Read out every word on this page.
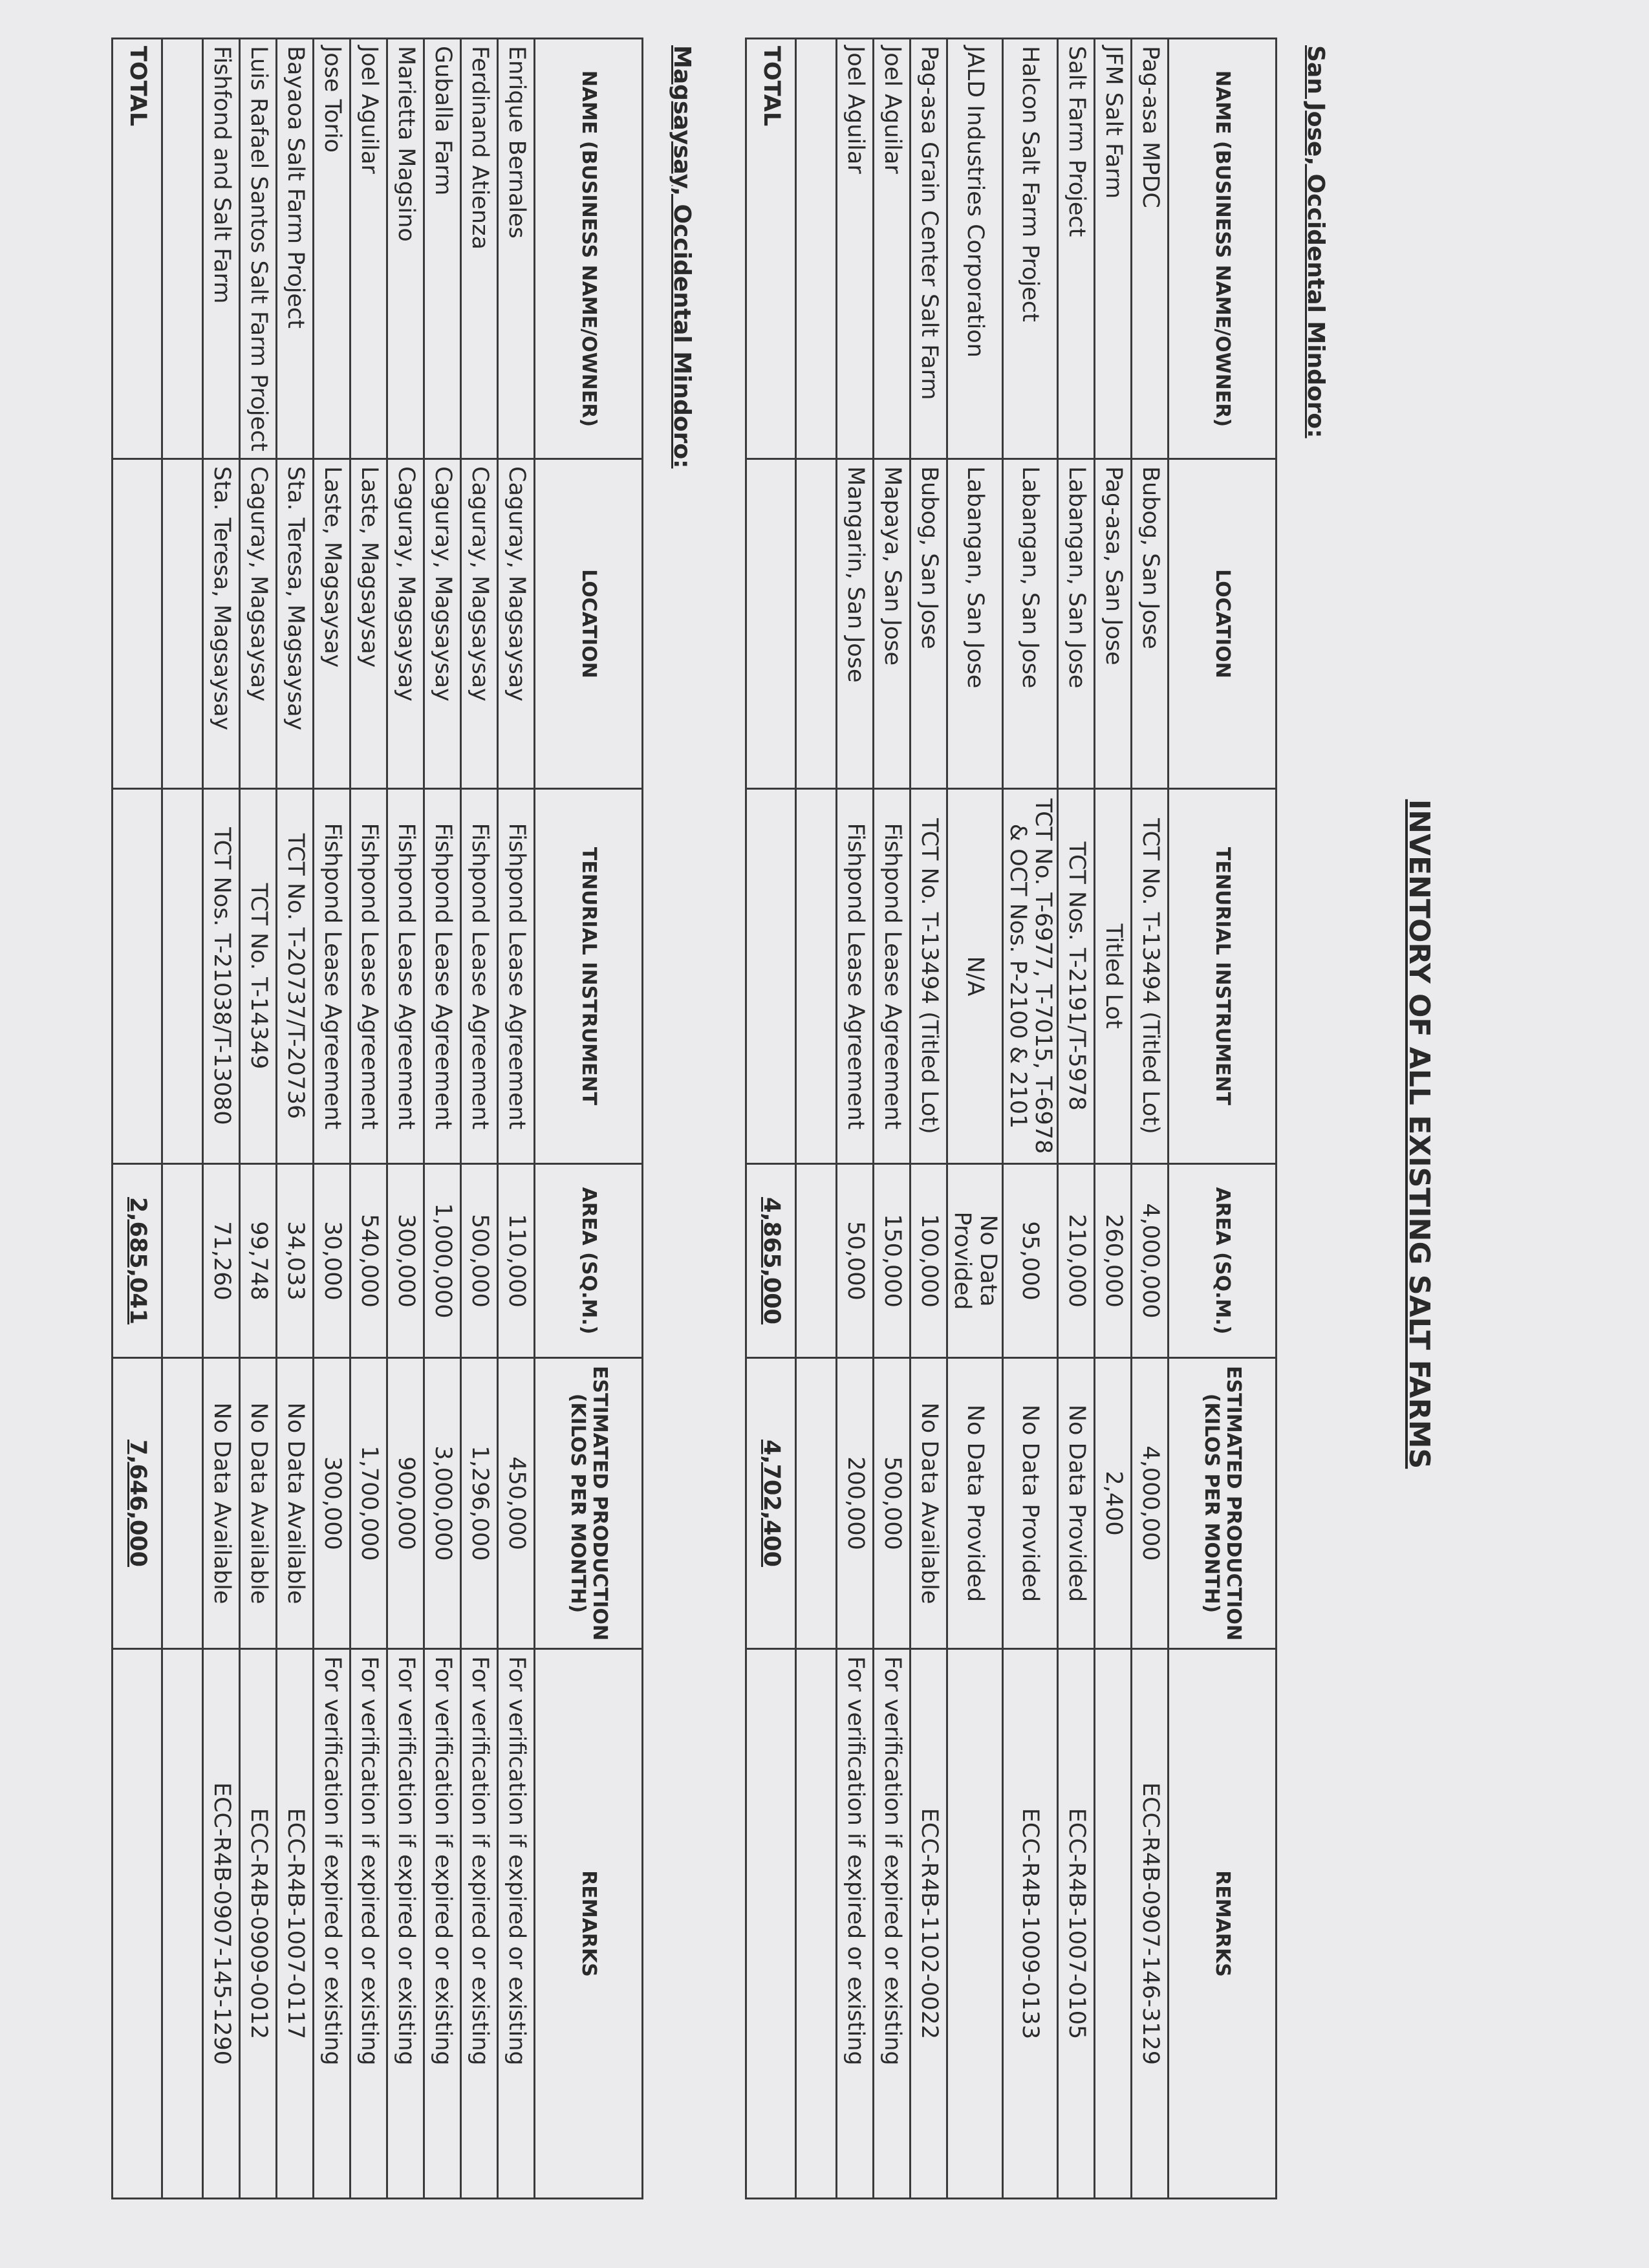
INVENTORY OF ALL EXISTING SALT FARMS
San Jose, Occidental Mindoro:
NAME (BUSINESS NAME/OWNER)	LOCATION	TENURIAL INSTRUMENT	AREA (SQ.M.)	ESTIMATED PRODUCTION (KILOS PER MONTH)	REMARKS
Pag-asa MPDC	Bubog, San Jose	TCT No. T-13494 (Titled Lot)	4,000,000	4,000,000	ECC-R4B-0907-146-3129
JFM Salt Farm	Pag-asa, San Jose	Titled Lot	260,000	2,400	
Salt Farm Project	Labangan, San Jose	TCT Nos. T-2191/T-5978	210,000	No Data Provided	ECC-R4B-1007-0105
Halcon Salt Farm Project	Labangan, San Jose	TCT No. T-6977, T-7015, T-6978 & OCT Nos. P-2100 & 2101	95,000	No Data Provided	ECC-R4B-1009-0133
JALD Industries Corporation	Labangan, San Jose	N/A	No Data Provided	No Data Provided	
Pag-asa Grain Center Salt Farm	Bubog, San Jose	TCT No. T-13494 (Titled Lot)	100,000	No Data Available	ECC-R4B-1102-0022
Joel Aguilar	Mapaya, San Jose	Fishpond Lease Agreement	150,000	500,000	For verification if expired or existing
Joel Aguilar	Mangarin, San Jose	Fishpond Lease Agreement	50,000	200,000	For verification if expired or existing

TOTAL			4,865,000	4,702,400	
Magsaysay, Occidental Mindoro:
NAME (BUSINESS NAME/OWNER)	LOCATION	TENURIAL INSTRUMENT	AREA (SQ.M.)	ESTIMATED PRODUCTION (KILOS PER MONTH)	REMARKS
Enrique Bernales	Caguray, Magsaysay	Fishpond Lease Agreement	110,000	450,000	For verification if expired or existing
Ferdinand Atienza	Caguray, Magsaysay	Fishpond Lease Agreement	500,000	1,296,000	For verification if expired or existing
Guballa Farm	Caguray, Magsaysay	Fishpond Lease Agreement	1,000,000	3,000,000	For verification if expired or existing
Marietta Magsino	Caguray, Magsaysay	Fishpond Lease Agreement	300,000	900,000	For verification if expired or existing
Joel Aguilar	Laste, Magsaysay	Fishpond Lease Agreement	540,000	1,700,000	For verification if expired or existing
Jose Torio	Laste, Magsaysay	Fishpond Lease Agreement	30,000	300,000	For verification if expired or existing
Bayaoa Salt Farm Project	Sta. Teresa, Magsaysay	TCT No. T-20737/T-20736	34,033	No Data Available	ECC-R4B-1007-0117
Luis Rafael Santos Salt Farm Project	Caguray, Magsaysay	TCT No. T-14349	99,748	No Data Available	ECC-R4B-0909-0012
Fishfond and Salt Farm	Sta. Teresa, Magsaysay	TCT Nos. T-21038/T-13080	71,260	No Data Available	ECC-R4B-0907-145-1290

TOTAL			2,685,041	7,646,000	
